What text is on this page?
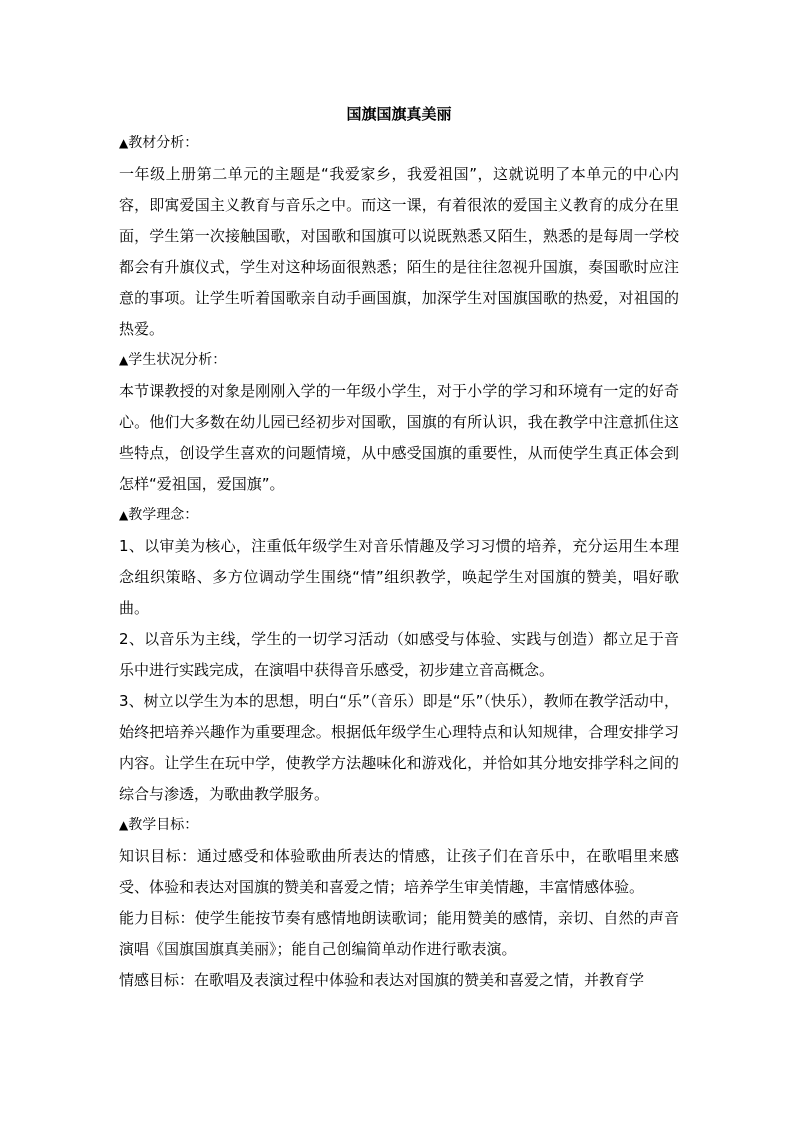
国旗国旗真美丽
▲教材分析：

一年级上册第二单元的主题是“我爱家乡，我爱祖国”，这就说明了本单元的中心内容，即寓爱国主义教育与音乐之中。而这一课，有着很浓的爱国主义教育的成分在里面，学生第一次接触国歌，对国歌和国旗可以说既熟悉又陌生，熟悉的是每周一学校都会有升旗仪式，学生对这种场面很熟悉；陌生的是往往忽视升国旗，奏国歌时应注意的事项。让学生听着国歌亲自动手画国旗，加深学生对国旗国歌的热爱，对祖国的热爱。

▲学生状况分析：

本节课教授的对象是刚刚入学的一年级小学生，对于小学的学习和环境有一定的好奇心。他们大多数在幼儿园已经初步对国歌，国旗的有所认识，我在教学中注意抓住这些特点，创设学生喜欢的问题情境，从中感受国旗的重要性，从而使学生真正体会到怎样“爱祖国，爱国旗”。

▲教学理念：

1、以审美为核心，注重低年级学生对音乐情趣及学习习惯的培养，充分运用生本理念组织策略、多方位调动学生围绕“情”组织教学，唤起学生对国旗的赞美，唱好歌曲。

2、以音乐为主线，学生的一切学习活动（如感受与体验、实践与创造）都立足于音乐中进行实践完成，在演唱中获得音乐感受，初步建立音高概念。

3、树立以学生为本的思想，明白“乐”（音乐）即是“乐”（快乐），教师在教学活动中，始终把培养兴趣作为重要理念。根据低年级学生心理特点和认知规律，合理安排学习内容。让学生在玩中学，使教学方法趣味化和游戏化，并恰如其分地安排学科之间的综合与渗透，为歌曲教学服务。

▲教学目标：

知识目标：通过感受和体验歌曲所表达的情感，让孩子们在音乐中，在歌唱里来感受、体验和表达对国旗的赞美和喜爱之情；培养学生审美情趣，丰富情感体验。

能力目标：使学生能按节奏有感情地朗读歌词；能用赞美的感情，亲切、自然的声音演唱《国旗国旗真美丽》；能自己创编简单动作进行歌表演。

情感目标：在歌唱及表演过程中体验和表达对国旗的赞美和喜爱之情，并教育学
